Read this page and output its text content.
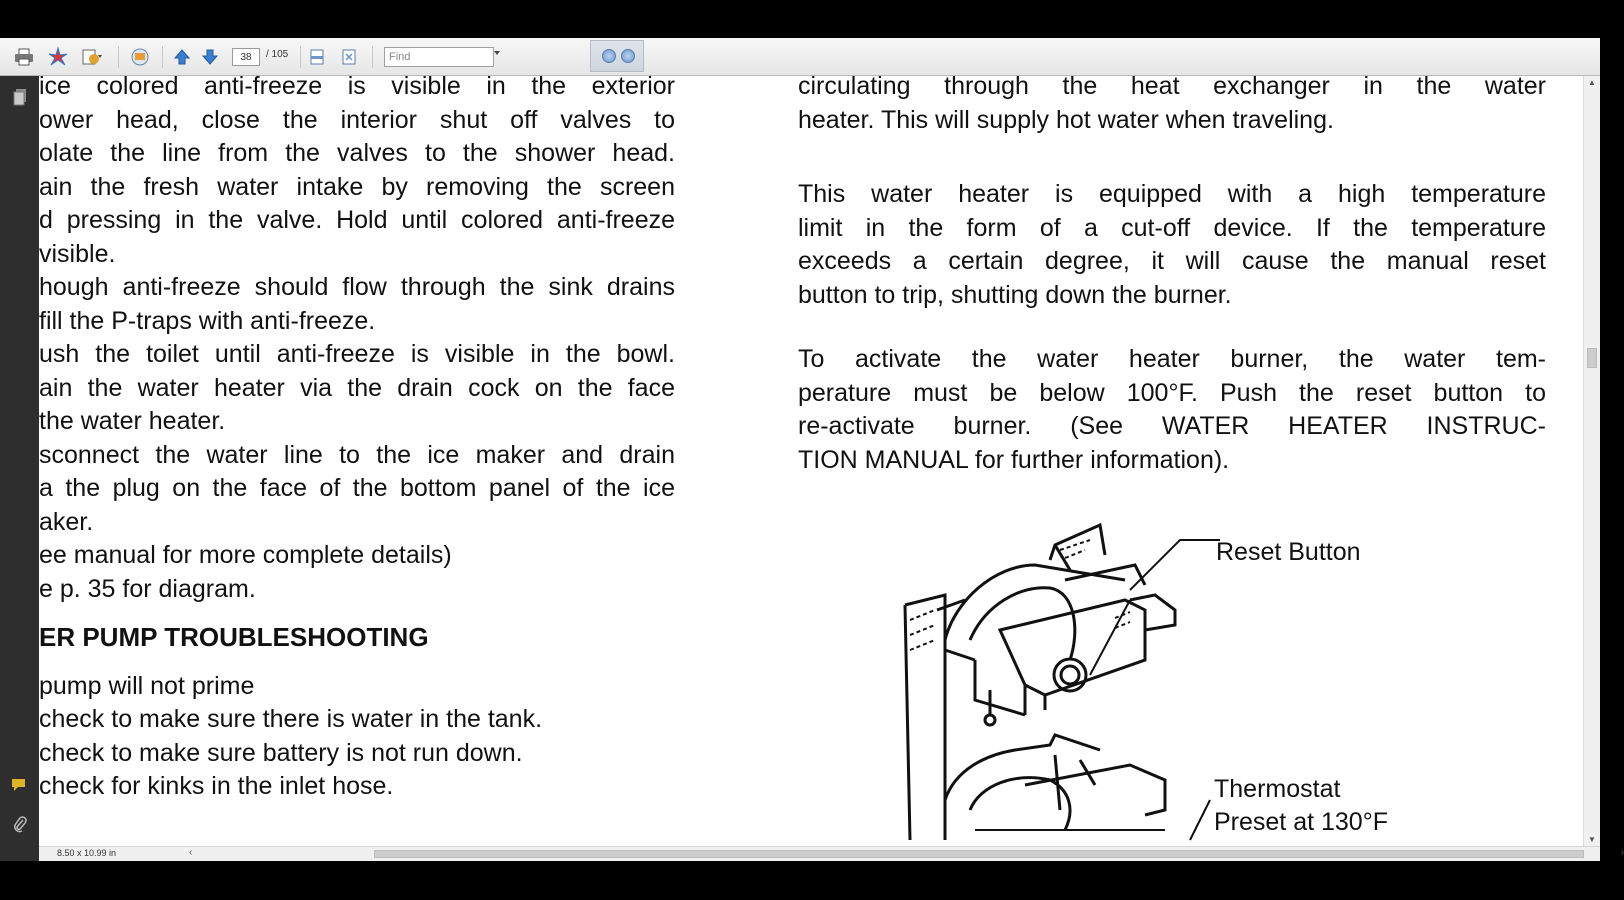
38	/ 105	Find
ice colored anti-freeze is visible in the exterior
ower head, close the interior shut off valves to
olate the line from the valves to the shower head.
ain the fresh water intake by removing the screen
d pressing in the valve. Hold until colored anti-freeze
visible.
hough anti-freeze should flow through the sink drains
fill the P-traps with anti-freeze.
ush the toilet until anti-freeze is visible in the bowl.
ain the water heater via the drain cock on the face
the water heater.
sconnect the water line to the ice maker and drain
a the plug on the face of the bottom panel of the ice
aker.
ee manual for more complete details)
e p. 35 for diagram.
ER PUMP TROUBLESHOOTING
pump will not prime
check to make sure there is water in the tank.
check to make sure battery is not run down.
check for kinks in the inlet hose.
circulating through the heat exchanger in the water
heater. This will supply hot water when traveling.
This water heater is equipped with a high temperature
limit in the form of a cut-off device. If the temperature
exceeds a certain degree, it will cause the manual reset
button to trip, shutting down the burner.
To activate the water heater burner, the water tem-
perature must be below 100°F. Push the reset button to
re-activate burner. (See WATER HEATER INSTRUC-
TION MANUAL for further information).
Reset Button
Thermostat
Preset at 130°F
▲
▼
8.50 x 10.99 in	‹	›
